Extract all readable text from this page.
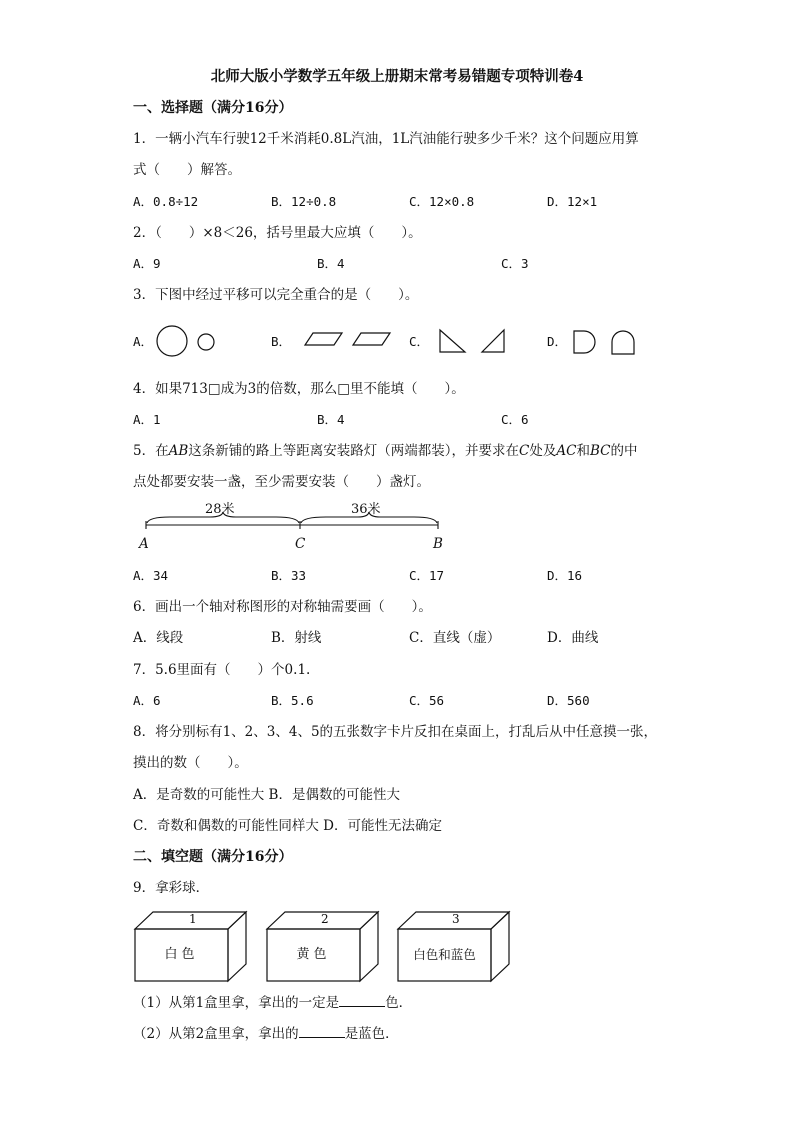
北师大版小学数学五年级上册期末常考易错题专项特训卷4
一、选择题（满分16分）
1．一辆小汽车行驶12千米消耗0.8L汽油，1L汽油能行驶多少千米？这个问题应用算
式（　　）解答。
A．0.8÷12	B．12÷0.8	C．12×0.8	D．12×1
2．（　　）×8＜26，括号里最大应填（　　）。
A．9	B．4	C．3
3．下图中经过平移可以完全重合的是（　　）。
A．	B．	C．	D．
4．如果713□成为3的倍数，那么□里不能填（　　）。
A．1	B．4	C．6
5．在AB这条新铺的路上等距离安装路灯（两端都装），并要求在C处及AC和BC的中
点处都要安装一盏，至少需要安装（　　）盏灯。
28米	36米
A	C	B
A．34	B．33	C．17	D．16
6．画出一个轴对称图形的对称轴需要画（　　）。
A．线段	B．射线	C．直线（虚）	D．曲线
7．5.6里面有（　　）个0.1.
A．6	B．5.6	C．56	D．560
8．将分别标有1、2、3、4、5的五张数字卡片反扣在桌面上，打乱后从中任意摸一张，
摸出的数（　　）。
A．是奇数的可能性大 B．是偶数的可能性大
C．奇数和偶数的可能性同样大 D．可能性无法确定
二、填空题（满分16分）
9．拿彩球．
1	2	3
白色	黄色	白色和蓝色
（1）从第1盒里拿，拿出的一定是	色．
（2）从第2盒里拿，拿出的	是蓝色．
